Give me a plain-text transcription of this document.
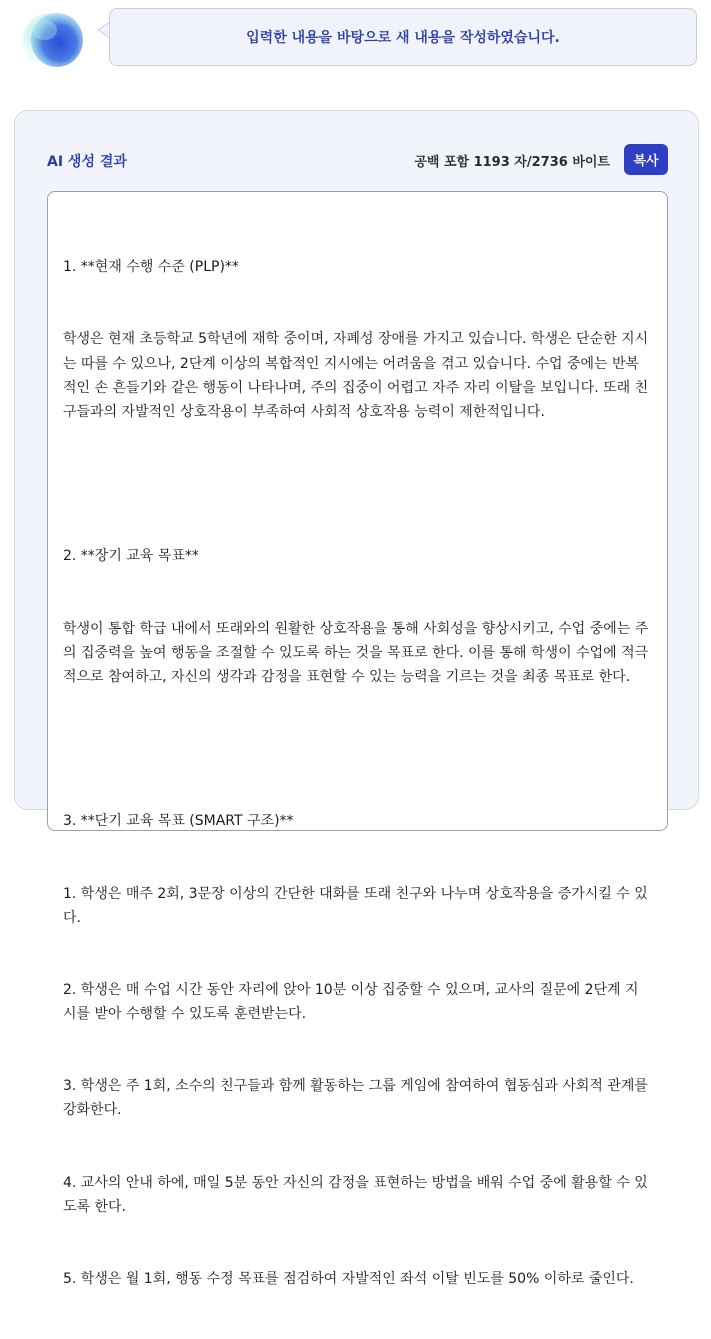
입력한 내용을 바탕으로 새 내용을 작성하였습니다.
AI 생성 결과	공백 포함 1193 자/2736 바이트	복사

1. **현재 수행 수준 (PLP)**

학생은 현재 초등학교 5학년에 재학 중이며, 자폐성 장애를 가지고 있습니다. 학생은 단순한 지시는 따를 수 있으나, 2단계 이상의 복합적인 지시에는 어려움을 겪고 있습니다. 수업 중에는 반복적인 손 흔들기와 같은 행동이 나타나며, 주의 집중이 어렵고 자주 자리 이탈을 보입니다. 또래 친구들과의 자발적인 상호작용이 부족하여 사회적 상호작용 능력이 제한적입니다.

2. **장기 교육 목표**

학생이 통합 학급 내에서 또래와의 원활한 상호작용을 통해 사회성을 향상시키고, 수업 중에는 주의 집중력을 높여 행동을 조절할 수 있도록 하는 것을 목표로 한다. 이를 통해 학생이 수업에 적극적으로 참여하고, 자신의 생각과 감정을 표현할 수 있는 능력을 기르는 것을 최종 목표로 한다.

3. **단기 교육 목표 (SMART 구조)**

1. 학생은 매주 2회, 3문장 이상의 간단한 대화를 또래 친구와 나누며 상호작용을 증가시킬 수 있다.

2. 학생은 매 수업 시간 동안 자리에 앉아 10분 이상 집중할 수 있으며, 교사의 질문에 2단계 지시를 받아 수행할 수 있도록 훈련받는다.

3. 학생은 주 1회, 소수의 친구들과 함께 활동하는 그룹 게임에 참여하여 협동심과 사회적 관계를 강화한다.

4. 교사의 안내 하에, 매일 5분 동안 자신의 감정을 표현하는 방법을 배워 수업 중에 활용할 수 있도록 한다.

5. 학생은 월 1회, 행동 수정 목표를 점검하여 자발적인 좌석 이탈 빈도를 50% 이하로 줄인다.
